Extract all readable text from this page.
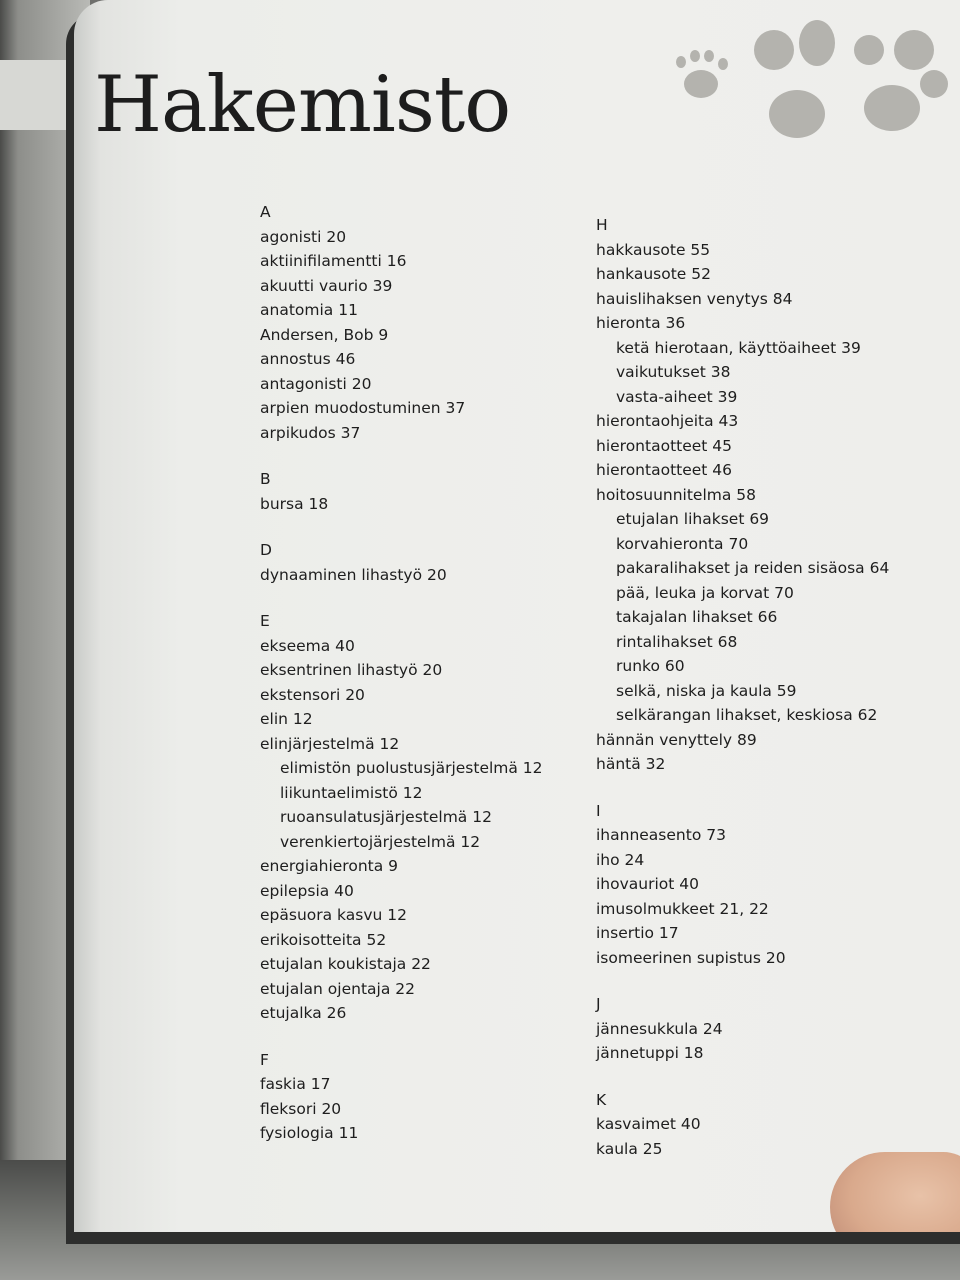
Hakemisto
A
agonisti 20
aktiinifilamentti 16
akuutti vaurio 39
anatomia 11
Andersen, Bob 9
annostus 46
antagonisti 20
arpien muodostuminen 37
arpikudos 37
B
bursa 18
D
dynaaminen lihastyö 20
E
ekseema 40
eksentrinen lihastyö 20
ekstensori 20
elin 12
elinjärjestelmä 12
elimistön puolustusjärjestelmä 12
liikuntaelimistö 12
ruoansulatusjärjestelmä 12
verenkiertojärjestelmä 12
energiahieronta 9
epilepsia 40
epäsuora kasvu 12
erikoisotteita 52
etujalan koukistaja 22
etujalan ojentaja 22
etujalka 26
F
faskia 17
fleksori 20
fysiologia 11
H
hakkausote 55
hankausote 52
hauislihaksen venytys 84
hieronta 36
ketä hierotaan, käyttöaiheet 39
vaikutukset 38
vasta-aiheet 39
hierontaohjeita 43
hierontaotteet 45
hierontaotteet 46
hoitosuunnitelma 58
etujalan lihakset 69
korvahieronta 70
pakaralihakset ja reiden sisäosa 64
pää, leuka ja korvat 70
takajalan lihakset 66
rintalihakset 68
runko 60
selkä, niska ja kaula 59
selkärangan lihakset, keskiosa 62
hännän venyttely 89
häntä 32
I
ihanneasento 73
iho 24
ihovauriot 40
imusolmukkeet 21, 22
insertio 17
isomeerinen supistus 20
J
jännesukkula 24
jännetuppi 18
K
kasvaimet 40
kaula 25
